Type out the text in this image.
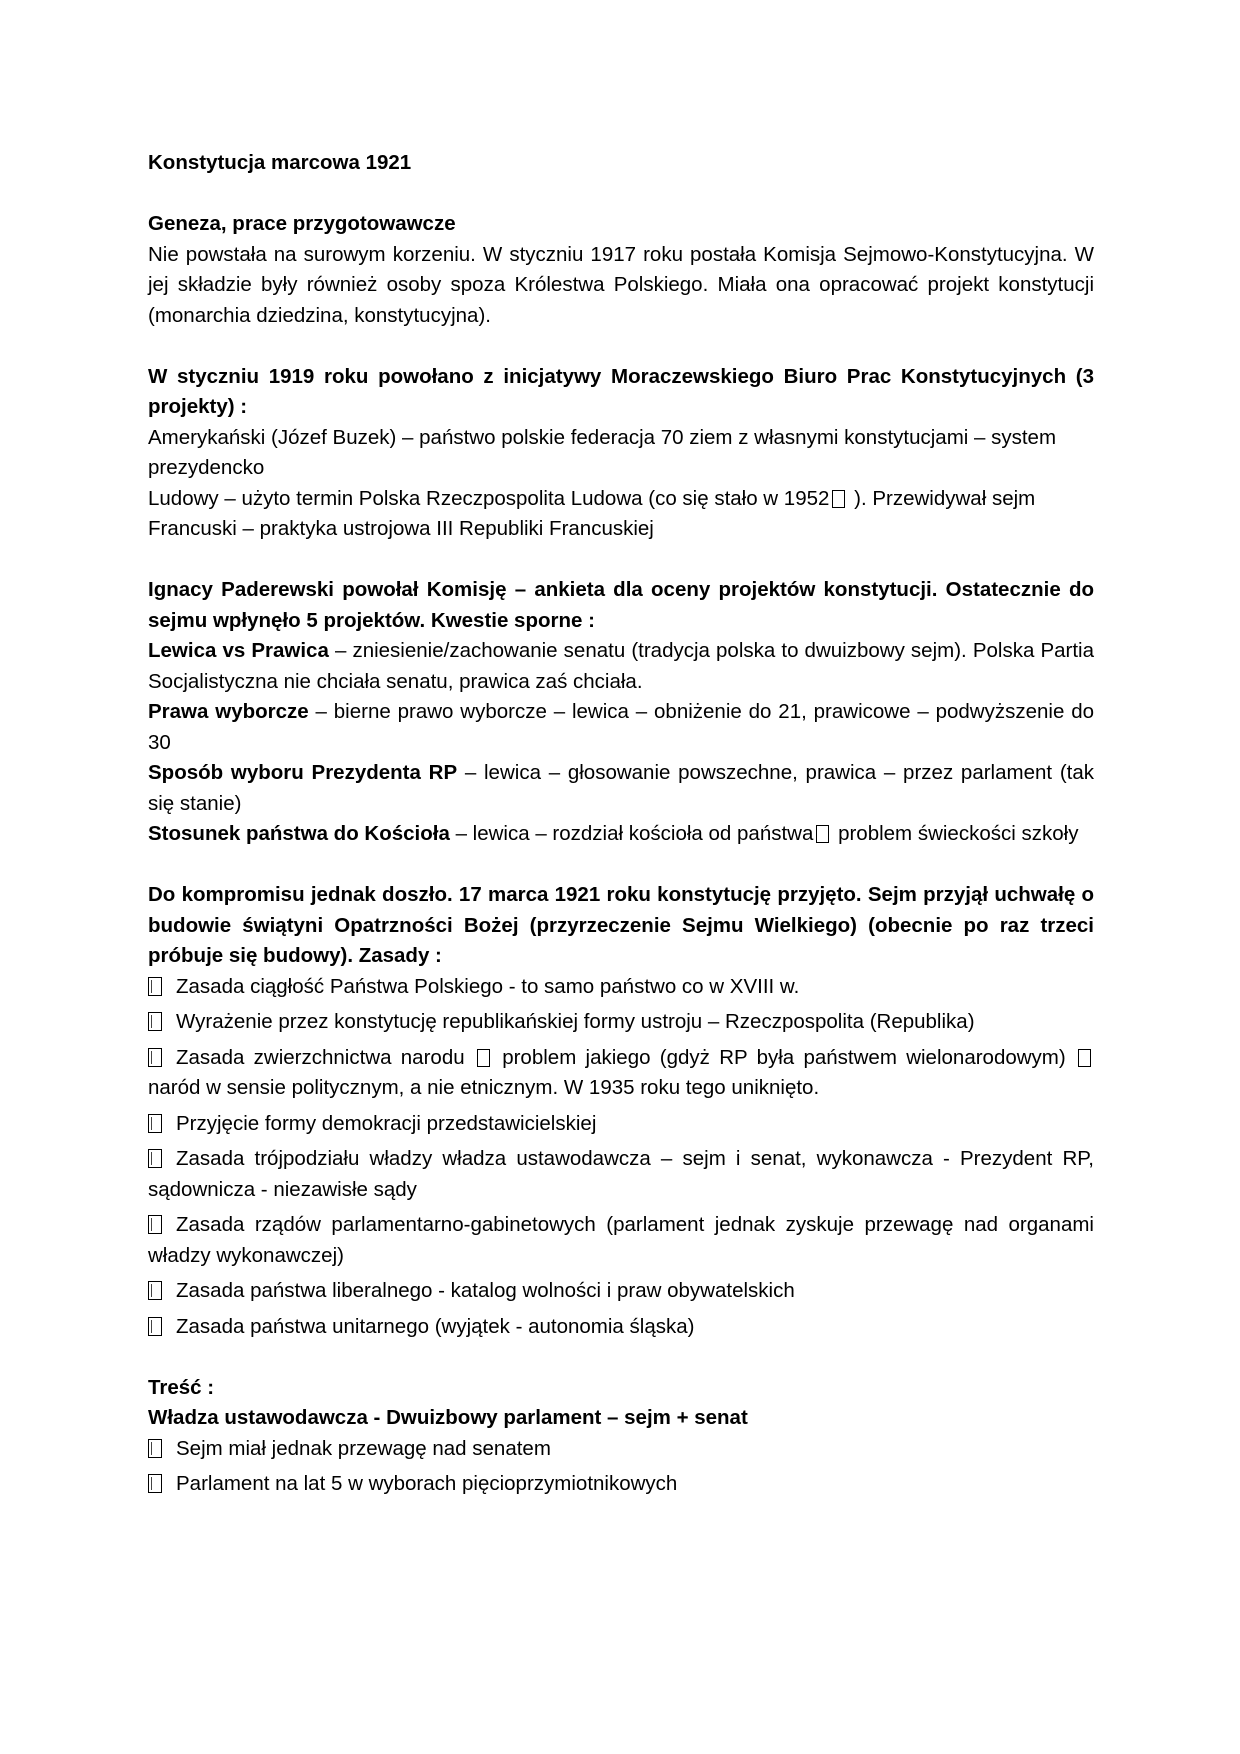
Konstytucja marcowa 1921

Geneza, prace przygotowawcze

Nie powstała na surowym korzeniu. W styczniu 1917 roku postała Komisja Sejmowo-Konstytucyjna. W jej składzie były również osoby spoza Królestwa Polskiego. Miała ona opracować projekt konstytucji (monarchia dziedzina, konstytucyjna).

W styczniu 1919 roku powołano z inicjatywy Moraczewskiego Biuro Prac Konstytucyjnych (3 projekty) :

Amerykański (Józef Buzek) – państwo polskie federacja 70 ziem z własnymi konstytucjami – system prezydencko

Ludowy – użyto termin Polska Rzeczpospolita Ludowa (co się stało w 1952 ). Przewidywał sejm

Francuski – praktyka ustrojowa III Republiki Francuskiej

Ignacy Paderewski powołał Komisję – ankieta dla oceny projektów konstytucji. Ostatecznie do sejmu wpłynęło 5 projektów. Kwestie sporne :

Lewica vs Prawica – zniesienie/zachowanie senatu (tradycja polska to dwuizbowy sejm). Polska Partia Socjalistyczna nie chciała senatu, prawica zaś chciała.

Prawa wyborcze – bierne prawo wyborcze – lewica – obniżenie do 21, prawicowe – podwyższenie do 30

Sposób wyboru Prezydenta RP – lewica – głosowanie powszechne, prawica – przez parlament (tak się stanie)

Stosunek państwa do Kościoła – lewica – rozdział kościoła od państwa problem świeckości szkoły

Do kompromisu jednak doszło. 17 marca 1921 roku konstytucję przyjęto. Sejm przyjął uchwałę o budowie świątyni Opatrzności Bożej (przyrzeczenie Sejmu Wielkiego) (obecnie po raz trzeci próbuje się budowy). Zasady :

Zasada ciągłość Państwa Polskiego - to samo państwo co w XVIII w.

Wyrażenie przez konstytucję republikańskiej formy ustroju – Rzeczpospolita (Republika)

Zasada zwierzchnictwa narodu  problem jakiego (gdyż RP była państwem wielonarodowym)  naród w sensie politycznym, a nie etnicznym. W 1935 roku tego uniknięto.

Przyjęcie formy demokracji przedstawicielskiej

Zasada trójpodziału władzy władza ustawodawcza – sejm i senat, wykonawcza - Prezydent RP, sądownicza - niezawisłe sądy

Zasada rządów parlamentarno-gabinetowych (parlament jednak zyskuje przewagę nad organami władzy wykonawczej)

Zasada państwa liberalnego - katalog wolności i praw obywatelskich

Zasada państwa unitarnego (wyjątek - autonomia śląska)

Treść :

Władza ustawodawcza - Dwuizbowy parlament – sejm + senat

Sejm miał jednak przewagę nad senatem

Parlament na lat 5 w wyborach pięcioprzymiotnikowych
